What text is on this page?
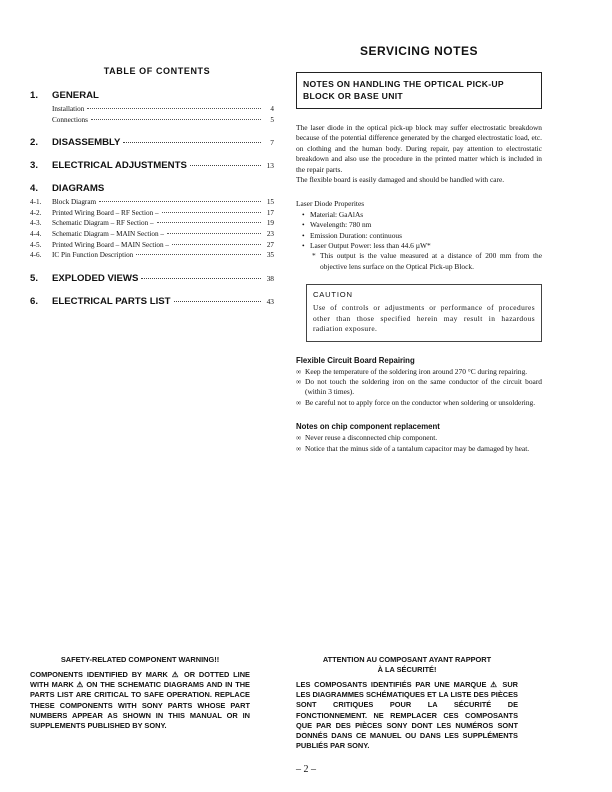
TABLE OF CONTENTS
1.	GENERAL
Installation	4
Connections	5
2.	DISASSEMBLY	7
3.	ELECTRICAL ADJUSTMENTS	13
4.	DIAGRAMS
4-1.	Block Diagram	15
4-2.	Printed Wiring Board – RF Section –	17
4-3.	Schematic Diagram – RF Section –	19
4-4.	Schematic Diagram – MAIN Section –	23
4-5.	Printed Wiring Board – MAIN Section –	27
4-6.	IC Pin Function Description	35
5.	EXPLODED VIEWS	38
6.	ELECTRICAL PARTS LIST	43
SERVICING NOTES
NOTES ON HANDLING THE OPTICAL PICK-UP BLOCK OR BASE UNIT

The laser diode in the optical pick-up block may suffer electrostatic breakdown because of the potential difference generated by the charged electrostatic load, etc. on clothing and the human body. During repair, pay attention to electrostatic breakdown and also use the procedure in the printed matter which is included in the repair parts.

The flexible board is easily damaged and should be handled with care.

Laser Diode Properites
• Material: GaAlAs
• Wavelength: 780 nm
• Emission Duration: continuous
• Laser Output Power: less than 44.6 µW*
* This output is the value measured at a distance of 200 mm from the objective lens surface on the Optical Pick-up Block.
CAUTION
Use of controls or adjustments or performance of procedures other than those specified herein may result in hazardous radiation exposure.
Flexible Circuit Board Repairing
∞ Keep the temperature of the soldering iron around 270 °C during repairing.
∞ Do not touch the soldering iron on the same conductor of the circuit board (within 3 times).
∞ Be careful not to apply force on the conductor when soldering or unsoldering.
Notes on chip component replacement
∞ Never reuse a disconnected chip component.
∞ Notice that the minus side of a tantalum capacitor may be damaged by heat.
SAFETY-RELATED COMPONENT WARNING!!
COMPONENTS IDENTIFIED BY MARK ⚠ OR DOTTED LINE WITH MARK ⚠ ON THE SCHEMATIC DIAGRAMS AND IN THE PARTS LIST ARE CRITICAL TO SAFE OPERATION. REPLACE THESE COMPONENTS WITH SONY PARTS WHOSE PART NUMBERS APPEAR AS SHOWN IN THIS MANUAL OR IN SUPPLEMENTS PUBLISHED BY SONY.
ATTENTION AU COMPOSANT AYANT RAPPORT
À LA SÉCURITÉ!
LES COMPOSANTS IDENTIFIÉS PAR UNE MARQUE ⚠ SUR LES DIAGRAMMES SCHÉMATIQUES ET LA LISTE DES PIÈCES SONT CRITIQUES POUR LA SÉCURITÉ DE FONCTIONNEMENT. NE REMPLACER CES COMPOSANTS QUE PAR DES PIÈCES SONY DONT LES NUMÉROS SONT DONNÉS DANS CE MANUEL OU DANS LES SUPPLÉMENTS PUBLIÉS PAR SONY.
– 2 –
